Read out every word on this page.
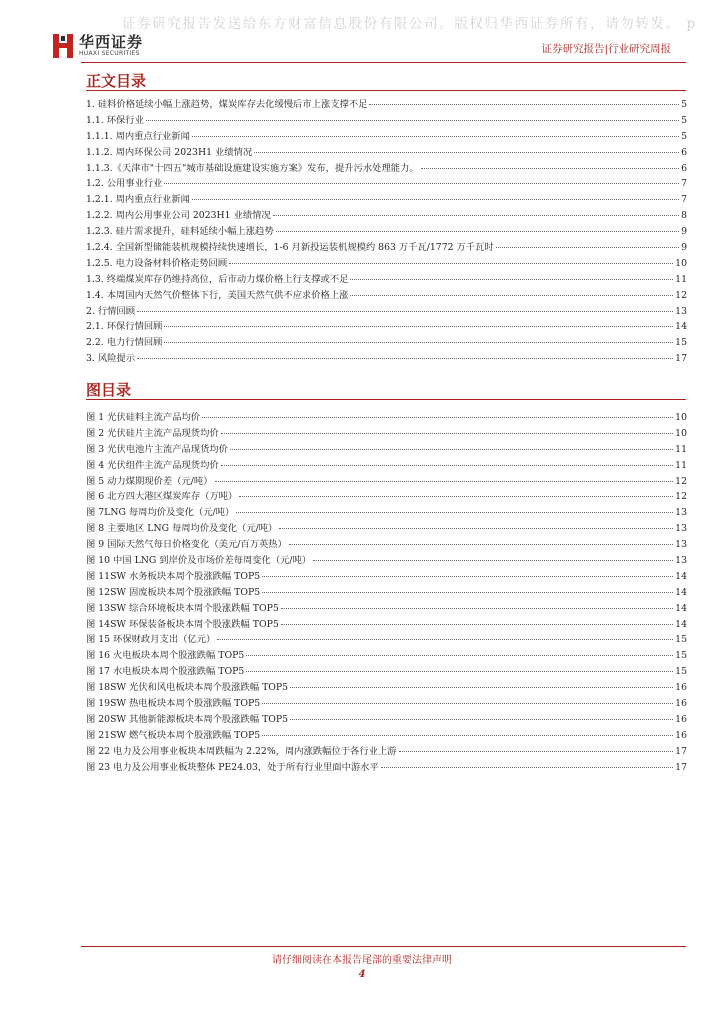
证券研究报告发送给东方财富信息股份有限公司。版权归华西证券所有，请勿转发。 p
华西证券
HUAXI SECURITIES	证券研究报告|行业研究周报
正文目录
1. 硅料价格延续小幅上涨趋势，煤炭库存去化缓慢后市上涨支撑不足	5
1.1. 环保行业	5
1.1.1. 周内重点行业新闻	5
1.1.2. 周内环保公司 2023H1 业绩情况	6
1.1.3.《天津市"十四五"城市基础设施建设实施方案》发布，提升污水处理能力。	6
1.2. 公用事业行业	7
1.2.1. 周内重点行业新闻	7
1.2.2. 周内公用事业公司 2023H1 业绩情况	8
1.2.3. 硅片需求提升，硅料延续小幅上涨趋势	9
1.2.4. 全国新型储能装机规模持续快速增长，1-6 月新投运装机规模约 863 万千瓦/1772 万千瓦时	9
1.2.5. 电力设备材料价格走势回顾	10
1.3. 终端煤炭库存仍维持高位，后市动力煤价格上行支撑或不足	11
1.4. 本周国内天然气价整体下行，美国天然气供不应求价格上涨	12
2. 行情回顾	13
2.1. 环保行情回顾	14
2.2. 电力行情回顾	15
3. 风险提示	17
图目录
图 1 光伏硅料主流产品均价	10
图 2 光伏硅片主流产品现货均价	10
图 3 光伏电池片主流产品现货均价	11
图 4 光伏组件主流产品现货均价	11
图 5 动力煤期现价差（元/吨）	12
图 6 北方四大港区煤炭库存（万吨）	12
图 7LNG 每周均价及变化（元/吨）	13
图 8 主要地区 LNG 每周均价及变化（元/吨）	13
图 9 国际天然气每日价格变化（美元/百万英热）	13
图 10 中国 LNG 到岸价及市场价差每周变化（元/吨）	13
图 11SW 水务板块本周个股涨跌幅 TOP5	14
图 12SW 固废板块本周个股涨跌幅 TOP5	14
图 13SW 综合环境板块本周个股涨跌幅 TOP5	14
图 14SW 环保装备板块本周个股涨跌幅 TOP5	14
图 15 环保财政月支出（亿元）	15
图 16 火电板块本周个股涨跌幅 TOP5	15
图 17 水电板块本周个股涨跌幅 TOP5	15
图 18SW 光伏和风电板块本周个股涨跌幅 TOP5	16
图 19SW 热电板块本周个股涨跌幅 TOP5	16
图 20SW 其他新能源板块本周个股涨跌幅 TOP5	16
图 21SW 燃气板块本周个股涨跌幅 TOP5	16
图 22 电力及公用事业板块本周跌幅为 2.22%，周内涨跌幅位于各行业上游	17
图 23 电力及公用事业板块整体 PE24.03，处于所有行业里面中游水平	17
请仔细阅读在本报告尾部的重要法律声明
4
